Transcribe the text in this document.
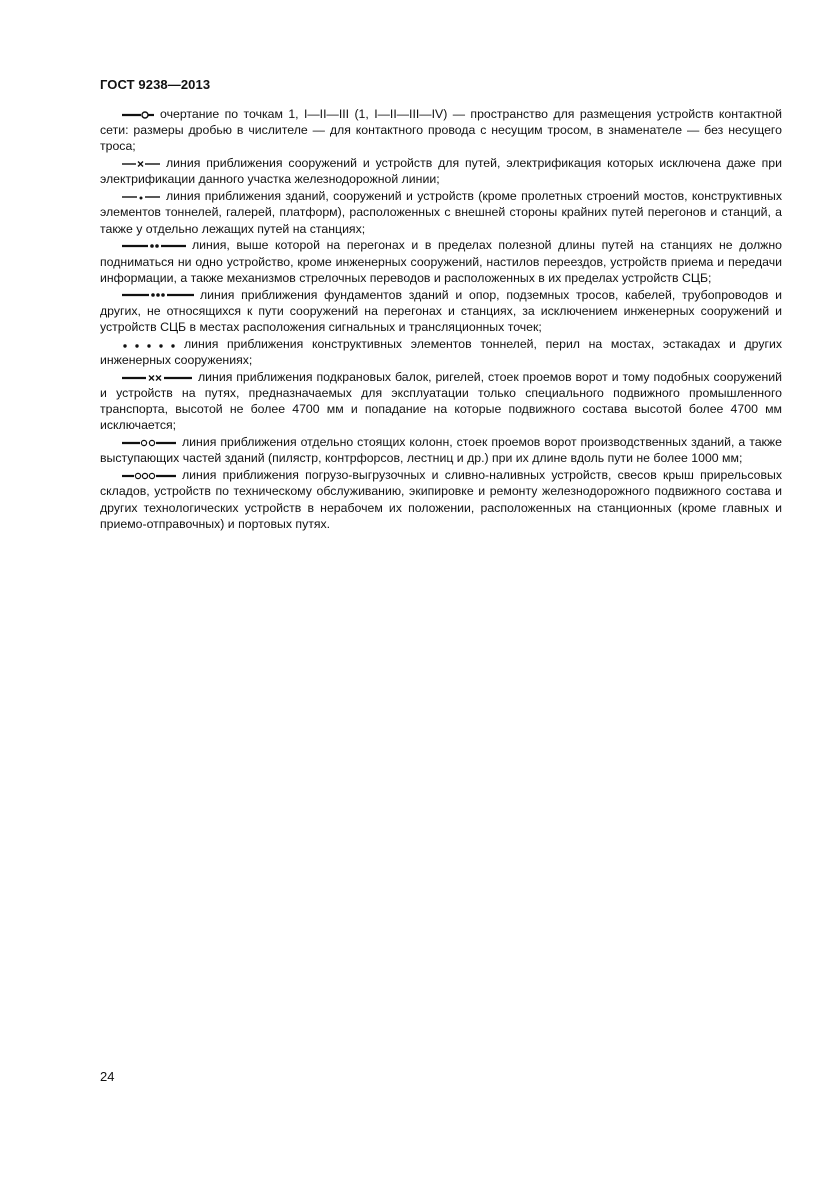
ГОСТ 9238—2013

очертание по точкам 1, I—II—III (1, I—II—III—IV) — пространство для размещения устройств контактной сети: размеры дробью в числителе — для контактного провода с несущим тросом, в знаменателе — без несущего троса;

линия приближения сооружений и устройств для путей, электрификация которых исключена даже при электрификации данного участка железнодорожной линии;

линия приближения зданий, сооружений и устройств (кроме пролетных строений мостов, конструктивных элементов тоннелей, галерей, платформ), расположенных с внешней стороны крайних путей перегонов и станций, а также у отдельно лежащих путей на станциях;

линия, выше которой на перегонах и в пределах полезной длины путей на станциях не должно подниматься ни одно устройство, кроме инженерных сооружений, настилов переездов, устройств приема и передачи информации, а также механизмов стрелочных переводов и расположенных в их пределах устройств СЦБ;

линия приближения фундаментов зданий и опор, подземных тросов, кабелей, трубопроводов и других, не относящихся к пути сооружений на перегонах и станциях, за исключением инженерных сооружений и устройств СЦБ в местах расположения сигнальных и трансляционных точек;

линия приближения конструктивных элементов тоннелей, перил на мостах, эстакадах и других инженерных сооружениях;

линия приближения подкрановых балок, ригелей, стоек проемов ворот и тому подобных сооружений и устройств на путях, предназначаемых для эксплуатации только специального подвижного промышленного транспорта, высотой не более 4700 мм и попадание на которые подвижного состава высотой более 4700 мм исключается;

линия приближения отдельно стоящих колонн, стоек проемов ворот производственных зданий, а также выступающих частей зданий (пилястр, контрфорсов, лестниц и др.) при их длине вдоль пути не более 1000 мм;

линия приближения погрузо-выгрузочных и сливно-наливных устройств, свесов крыш прирельсовых складов, устройств по техническому обслуживанию, экипировке и ремонту железнодорожного подвижного состава и других технологических устройств в нерабочем их положении, расположенных на станционных (кроме главных и приемо-отправочных) и портовых путях.

24
